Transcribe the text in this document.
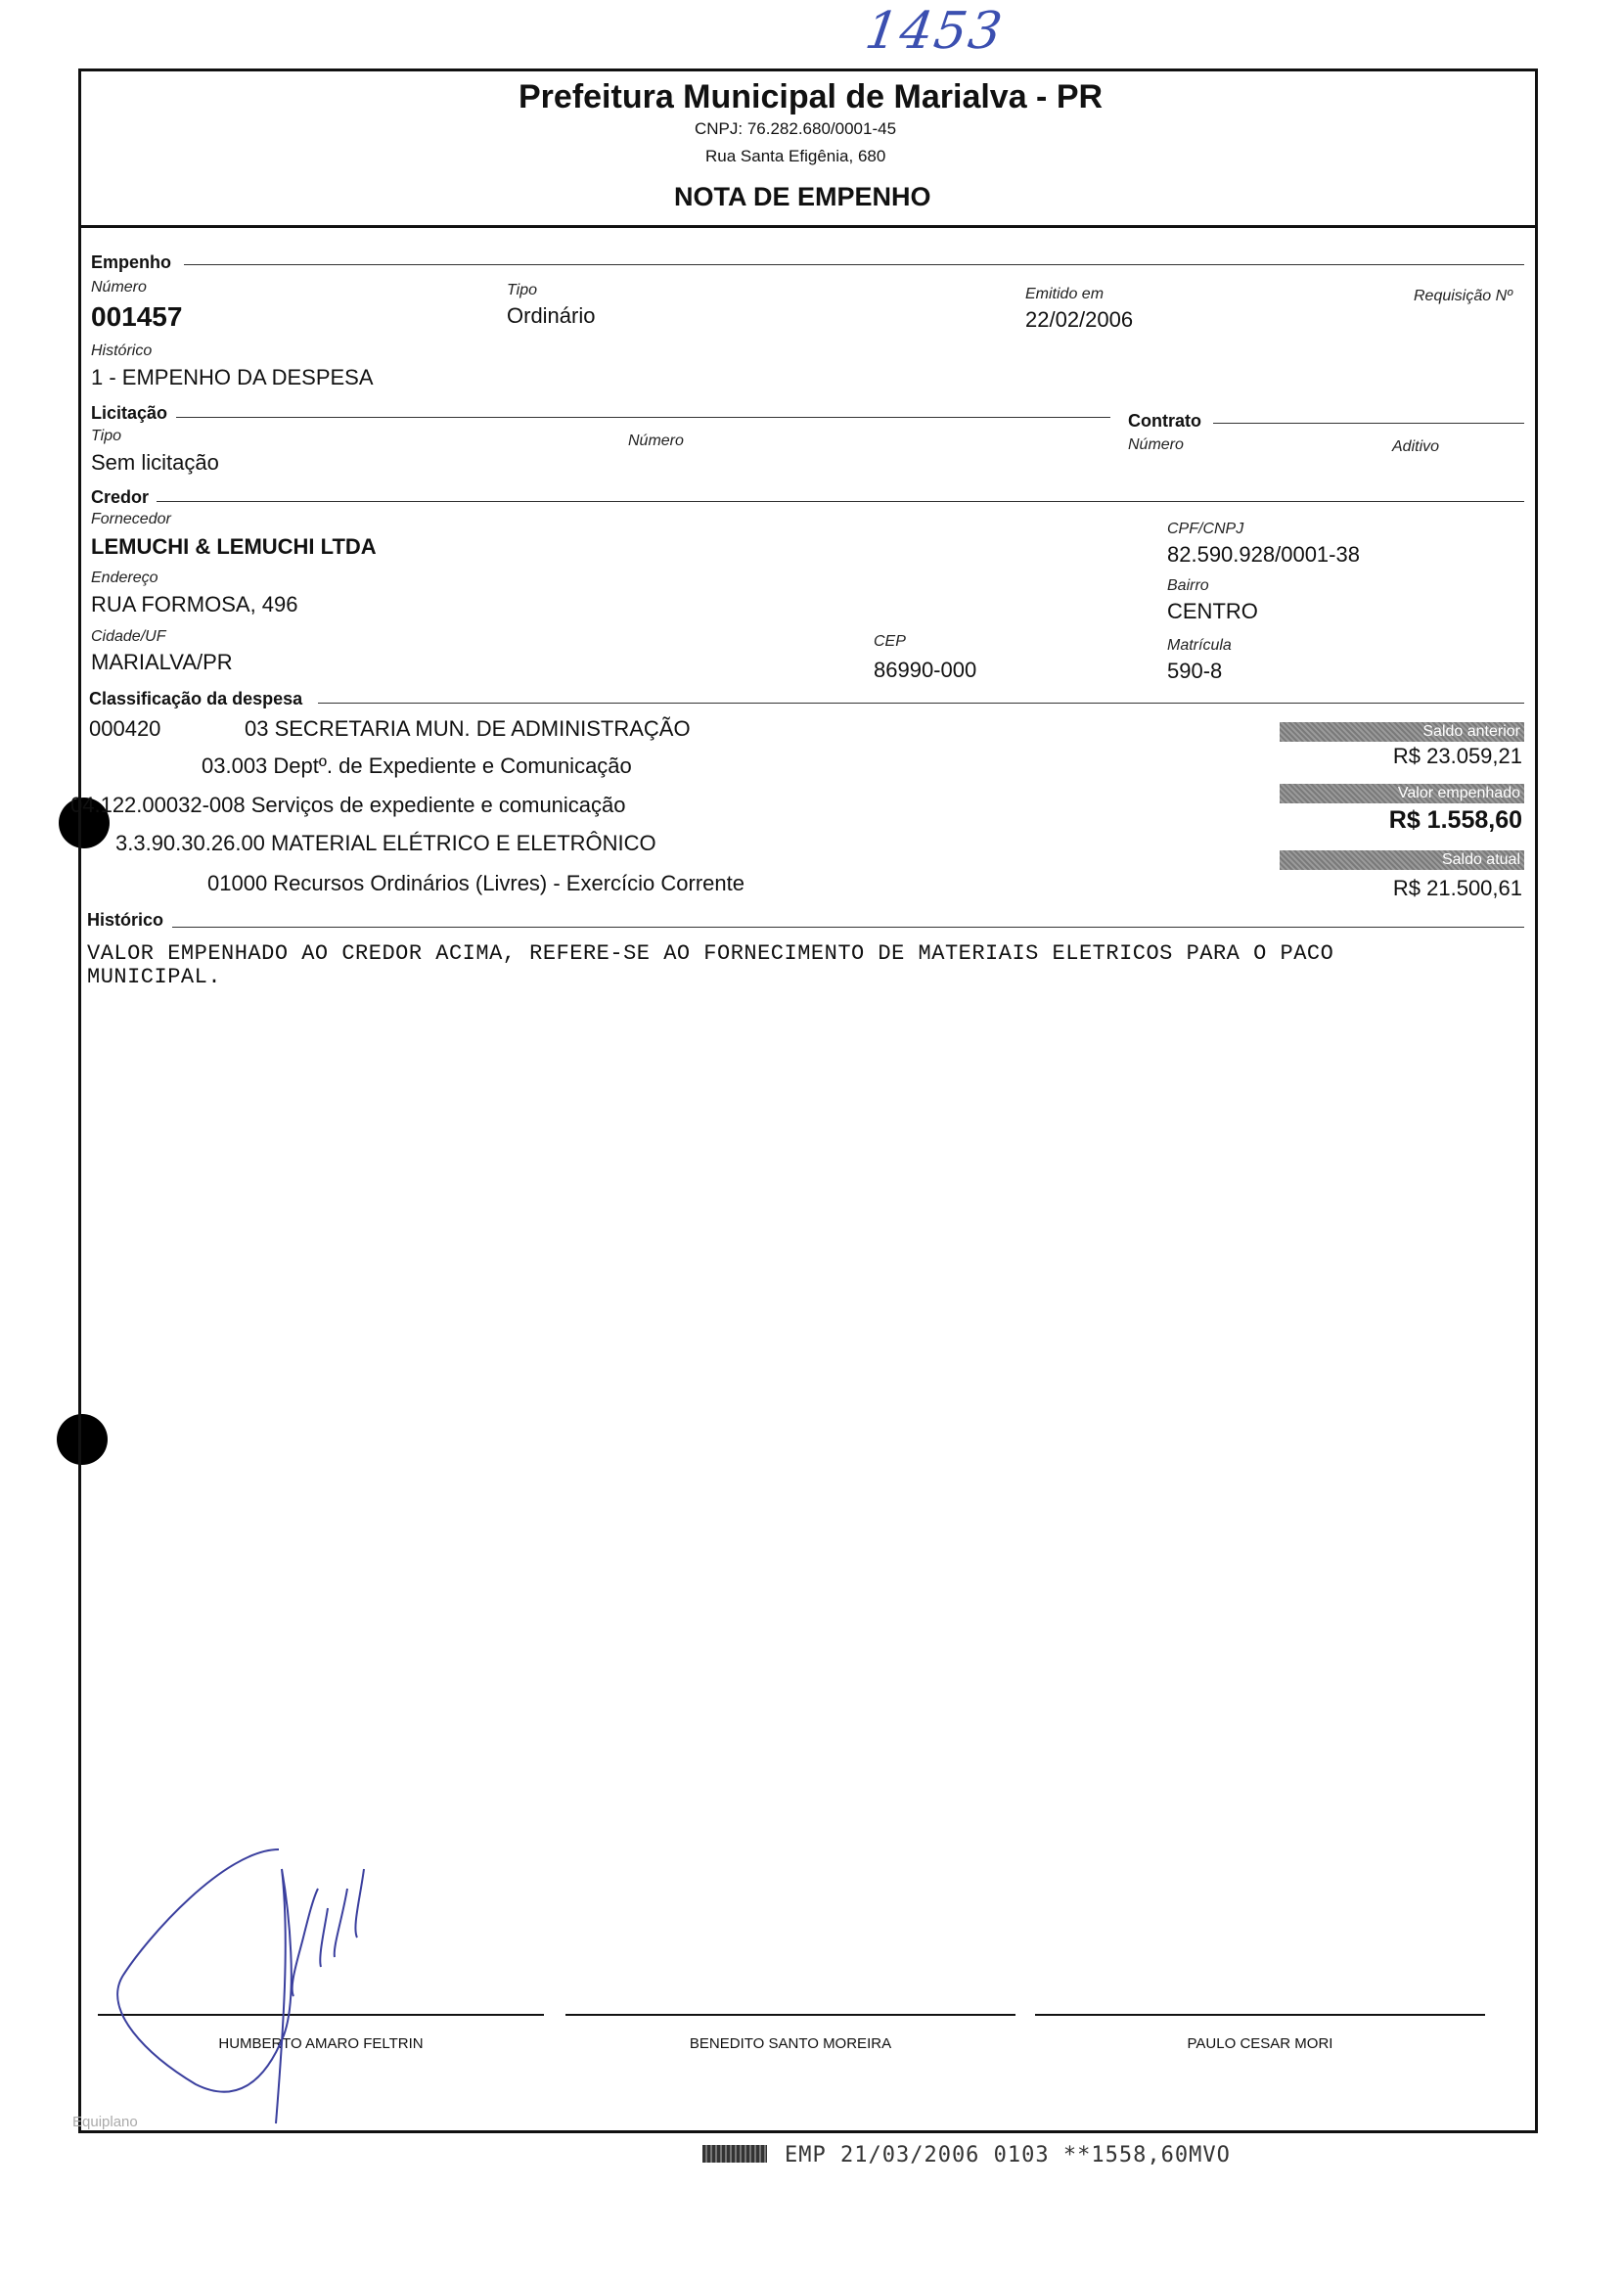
1453
Prefeitura Municipal de Marialva - PR
CNPJ: 76.282.680/0001-45
Rua Santa Efigênia, 680
NOTA DE EMPENHO
Empenho
Número
001457
Tipo
Ordinário
Emitido em
22/02/2006
Requisição Nº
Histórico
1 - EMPENHO DA DESPESA
Licitação
Tipo
Sem licitação
Número
Contrato
Número	Aditivo
Credor
Fornecedor
LEMUCHI & LEMUCHI LTDA
CPF/CNPJ
82.590.928/0001-38
Endereço
RUA FORMOSA, 496
Bairro
CENTRO
Cidade/UF
MARIALVA/PR
CEP
86990-000
Matrícula
590-8
Classificação da despesa
000420	03 SECRETARIA MUN. DE ADMINISTRAÇÃO
03.003 Deptº. de Expediente e Comunicação
04.122.00032-008 Serviços de expediente e comunicação
3.3.90.30.26.00 MATERIAL ELÉTRICO E ELETRÔNICO
01000 Recursos Ordinários (Livres) - Exercício Corrente
Saldo anterior
R$ 23.059,21
Valor empenhado
R$ 1.558,60
Saldo atual
R$ 21.500,61
Histórico
VALOR EMPENHADO AO CREDOR ACIMA, REFERE-SE AO FORNECIMENTO DE MATERIAIS ELETRICOS PARA O PACO
MUNICIPAL.
HUMBERTO AMARO FELTRIN	BENEDITO SANTO MOREIRA	PAULO CESAR MORI
Equiplano
EMP 21/03/2006 0103 **1558,60MVO
